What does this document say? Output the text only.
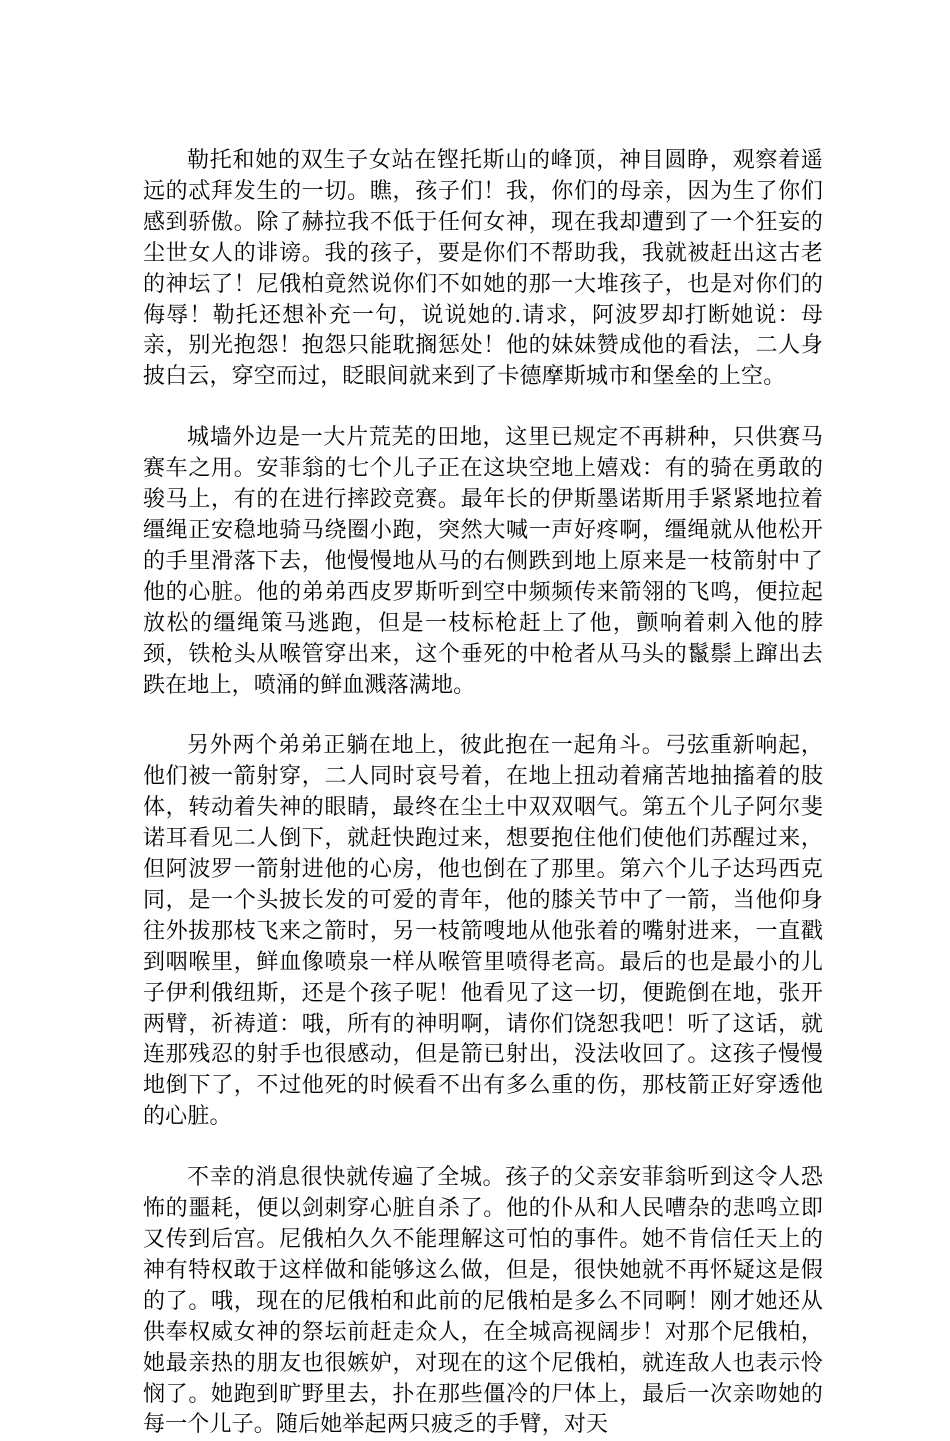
勒托和她的双生子女站在铿托斯山的峰顶，神目圆睁，观察着遥远的忒拜发生的一切。瞧，孩子们！我，你们的母亲，因为生了你们感到骄傲。除了赫拉我不低于任何女神，现在我却遭到了一个狂妄的尘世女人的诽谤。我的孩子，要是你们不帮助我，我就被赶出这古老的神坛了！尼俄柏竟然说你们不如她的那一大堆孩子，也是对你们的侮辱！勒托还想补充一句，说说她的.请求，阿波罗却打断她说：母亲，别光抱怨！抱怨只能耽搁惩处！他的妹妹赞成他的看法，二人身披白云，穿空而过，眨眼间就来到了卡德摩斯城市和堡垒的上空。

城墙外边是一大片荒芜的田地，这里已规定不再耕种，只供赛马赛车之用。安菲翁的七个儿子正在这块空地上嬉戏：有的骑在勇敢的骏马上，有的在进行摔跤竞赛。最年长的伊斯墨诺斯用手紧紧地拉着缰绳正安稳地骑马绕圈小跑，突然大喊一声好疼啊，缰绳就从他松开的手里滑落下去，他慢慢地从马的右侧跌到地上原来是一枝箭射中了他的心脏。他的弟弟西皮罗斯听到空中频频传来箭翎的飞鸣，便拉起放松的缰绳策马逃跑，但是一枝标枪赶上了他，颤响着刺入他的脖颈，铁枪头从喉管穿出来，这个垂死的中枪者从马头的鬣鬃上蹿出去跌在地上，喷涌的鲜血溅落满地。

另外两个弟弟正躺在地上，彼此抱在一起角斗。弓弦重新响起，他们被一箭射穿，二人同时哀号着，在地上扭动着痛苦地抽搐着的肢体，转动着失神的眼睛，最终在尘土中双双咽气。第五个儿子阿尔斐诺耳看见二人倒下，就赶快跑过来，想要抱住他们使他们苏醒过来，但阿波罗一箭射进他的心房，他也倒在了那里。第六个儿子达玛西克同，是一个头披长发的可爱的青年，他的膝关节中了一箭，当他仰身往外拔那枝飞来之箭时，另一枝箭嗖地从他张着的嘴射进来，一直戳到咽喉里，鲜血像喷泉一样从喉管里喷得老高。最后的也是最小的儿子伊利俄纽斯，还是个孩子呢！他看见了这一切，便跪倒在地，张开两臂，祈祷道：哦，所有的神明啊，请你们饶恕我吧！听了这话，就连那残忍的射手也很感动，但是箭已射出，没法收回了。这孩子慢慢地倒下了，不过他死的时候看不出有多么重的伤，那枝箭正好穿透他的心脏。

不幸的消息很快就传遍了全城。孩子的父亲安菲翁听到这令人恐怖的噩耗，便以剑刺穿心脏自杀了。他的仆从和人民嘈杂的悲鸣立即又传到后宫。尼俄柏久久不能理解这可怕的事件。她不肯信任天上的神有特权敢于这样做和能够这么做，但是，很快她就不再怀疑这是假的了。哦，现在的尼俄柏和此前的尼俄柏是多么不同啊！刚才她还从供奉权威女神的祭坛前赶走众人，在全城高视阔步！对那个尼俄柏，她最亲热的朋友也很嫉妒，对现在的这个尼俄柏，就连敌人也表示怜悯了。她跑到旷野里去，扑在那些僵冷的尸体上，最后一次亲吻她的每一个儿子。随后她举起两只疲乏的手臂，对天
